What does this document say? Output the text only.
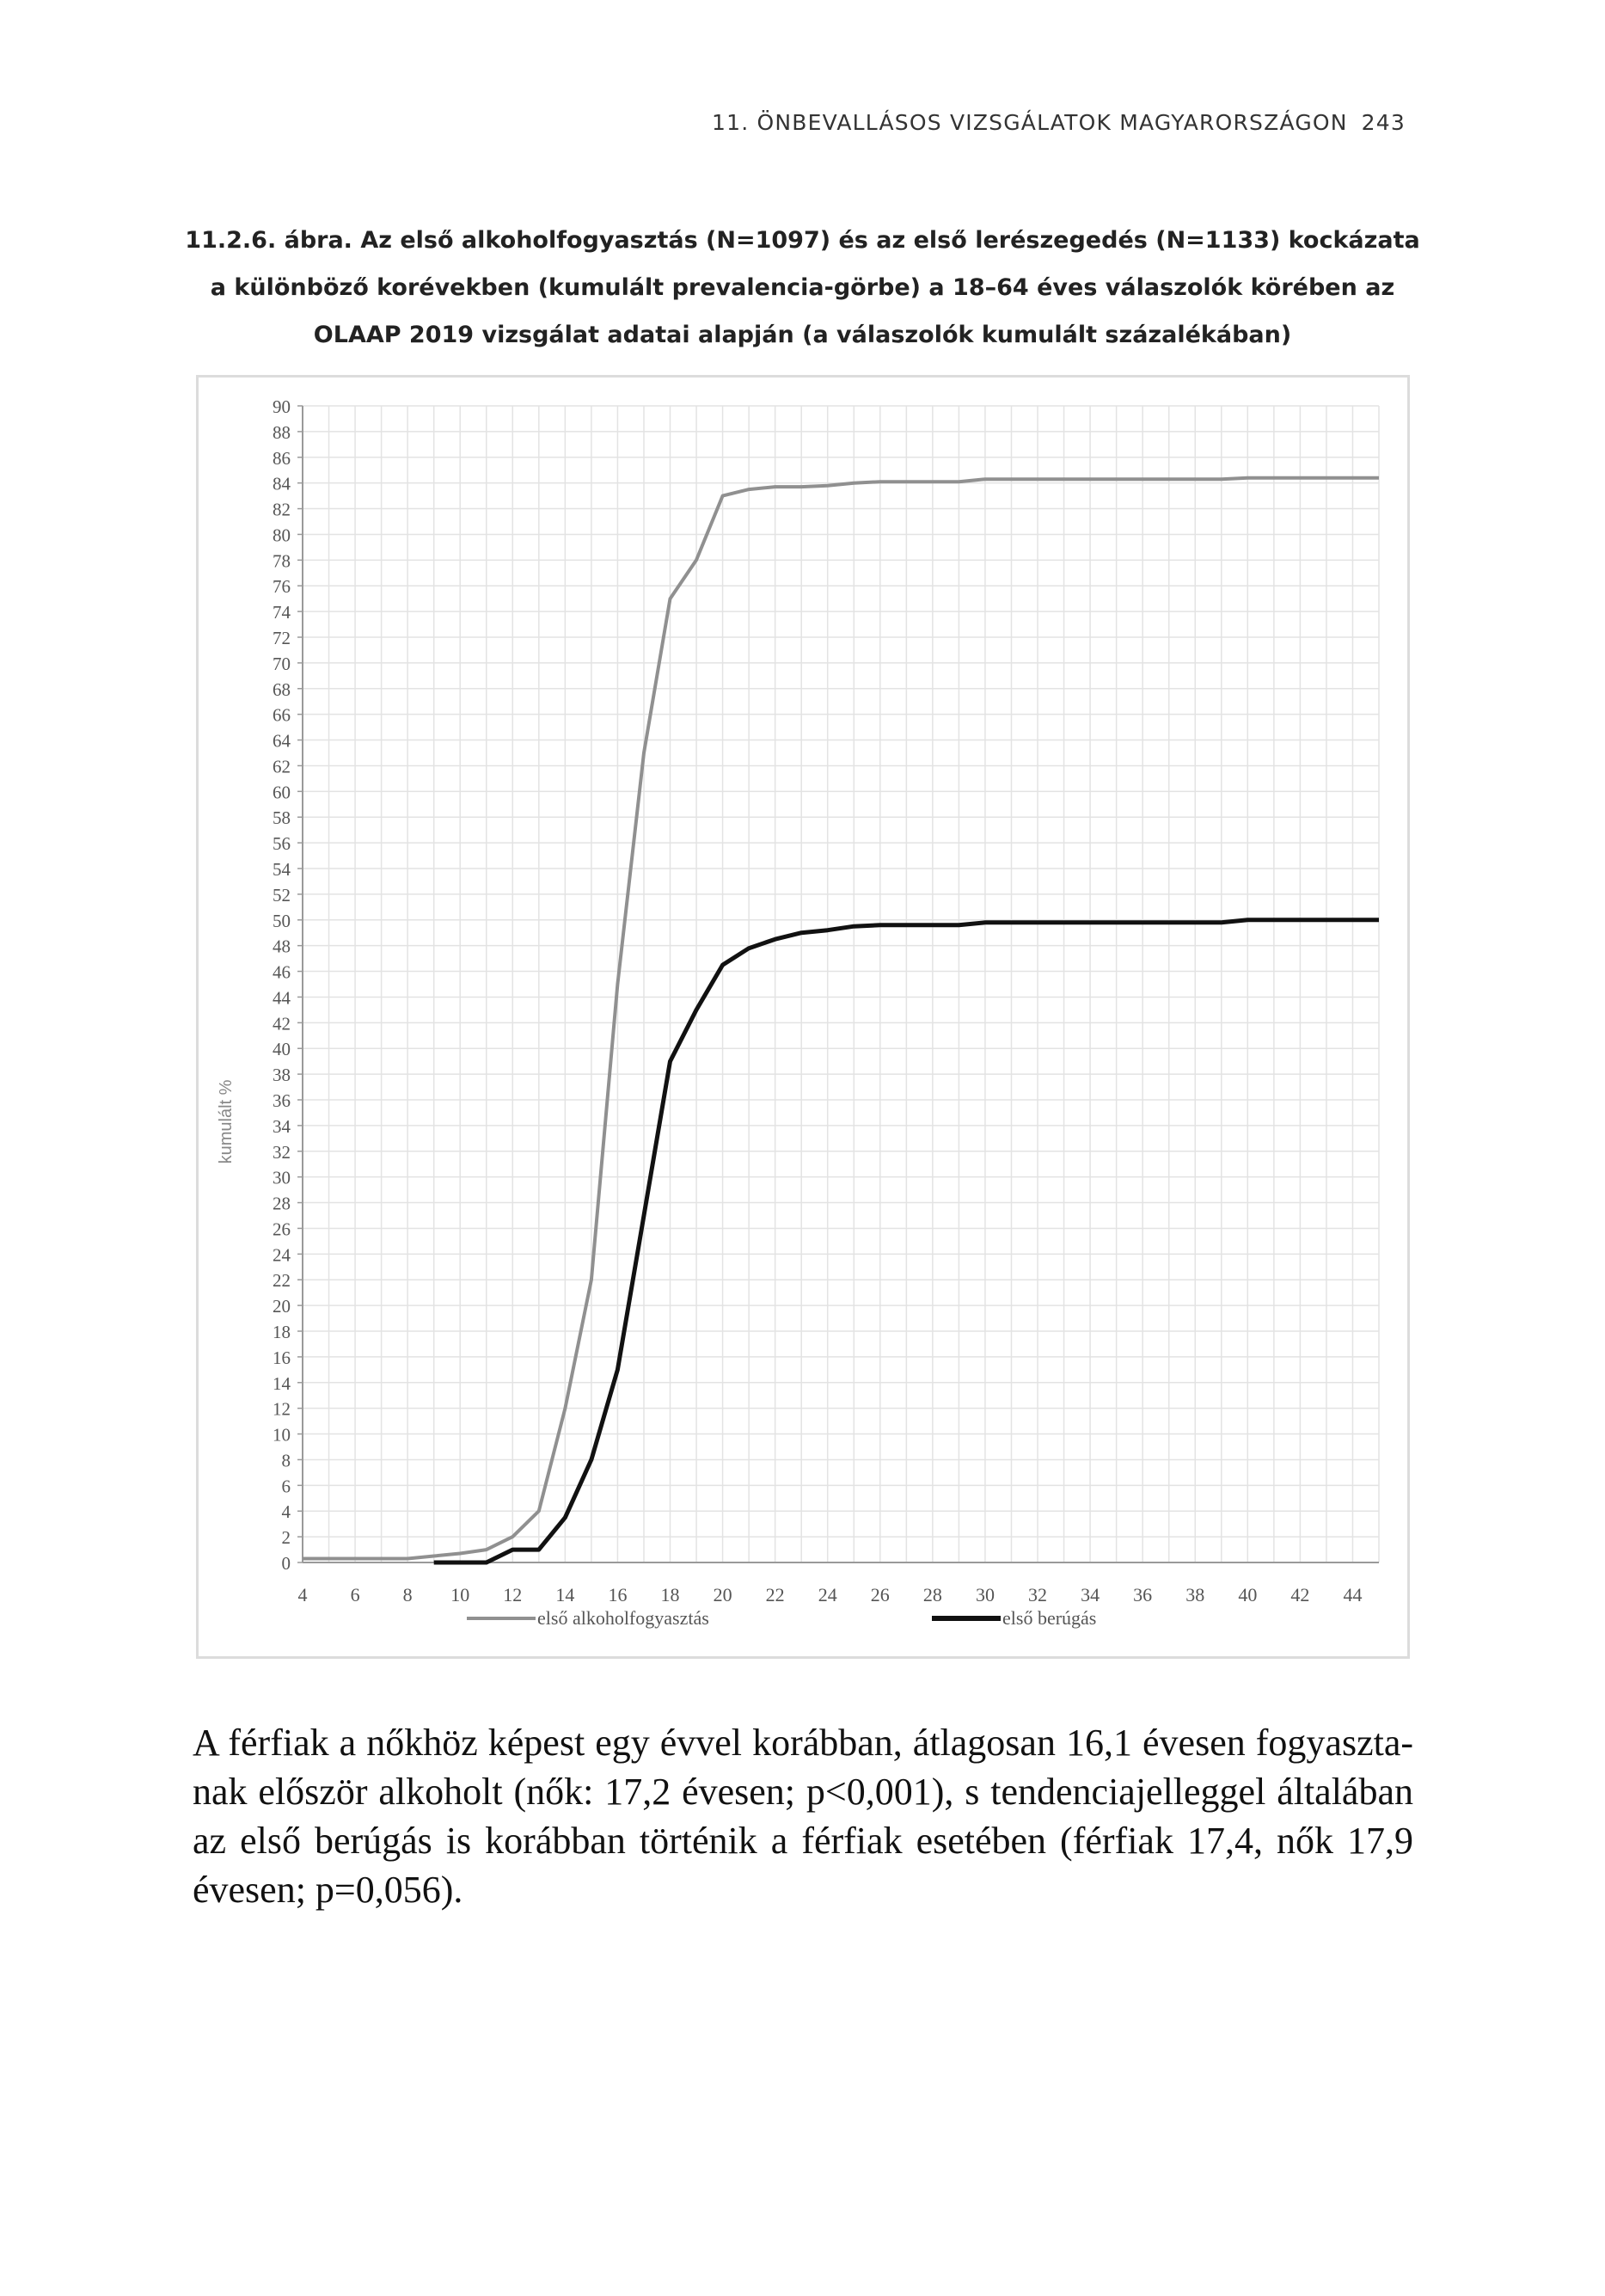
11. ÖNBEVALLÁSOS VIZSGÁLATOK MAGYARORSZÁGON 243
11.2.6. ábra. Az első alkoholfogyasztás (N=1097) és az első lerészegedés (N=1133) kockázata
a különböző korévekben (kumulált prevalencia-görbe) a 18–64 éves válaszolók körében az
OLAAP 2019 vizsgálat adatai alapján (a válaszolók kumulált százalékában)
0
2
4
6
8
10
12
14
16
18
20
22
24
26
28
30
32
34
36
38
40
42
44
46
48
50
52
54
56
58
60
62
64
66
68
70
72
74
76
78
80
82
84
86
88
90
4 6 8 10 12 14 16 18 20 22 24 26 28 30 32 34 36 38 40 42 44
első alkoholfogyasztás	első berúgás
kumulált %
A férfiak a nőkhöz képest egy évvel korábban, átlagosan 16,1 évesen fogyaszta-
nak először alkoholt (nők: 17,2 évesen; p<0,001), s tendenciajelleggel általában
az első berúgás is korábban történik a férfiak esetében (férfiak 17,4, nők 17,9
évesen; p=0,056).
